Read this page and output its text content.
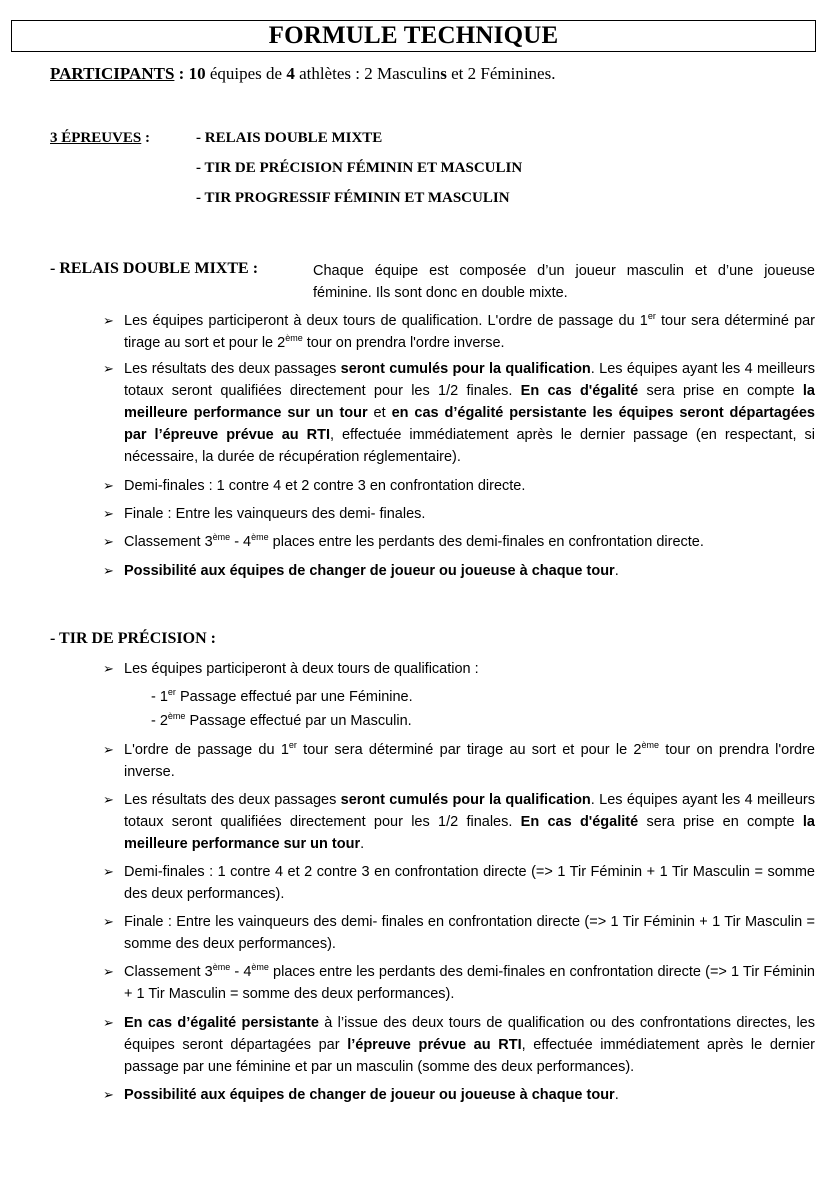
FORMULE TECHNIQUE
PARTICIPANTS : 10 équipes de 4 athlètes : 2 Masculins et 2 Féminines.
3 ÉPREUVES :	- RELAIS DOUBLE MIXTE
- TIR DE PRÉCISION FÉMININ ET MASCULIN
- TIR PROGRESSIF FÉMININ ET MASCULIN
- RELAIS DOUBLE MIXTE :	Chaque équipe est composée d’un joueur masculin et d’une joueuse
féminine. Ils sont donc en double mixte.
➢ Les équipes participeront à deux tours de qualification. L'ordre de passage du 1er tour sera déterminé par tirage au sort et pour le 2ème tour on prendra l'ordre inverse.
➢ Les résultats des deux passages seront cumulés pour la qualification. Les équipes ayant les 4 meilleurs totaux seront qualifiées directement pour les 1/2 finales. En cas d'égalité sera prise en compte la meilleure performance sur un tour et en cas d’égalité persistante les équipes seront départagées par l’épreuve prévue au RTI, effectuée immédiatement après le dernier passage (en respectant, si nécessaire, la durée de récupération réglementaire).
➢ Demi-finales : 1 contre 4 et 2 contre 3 en confrontation directe.
➢ Finale : Entre les vainqueurs des demi- finales.
➢ Classement 3ème - 4ème places entre les perdants des demi-finales en confrontation directe.
➢ Possibilité aux équipes de changer de joueur ou joueuse à chaque tour.
- TIR DE PRÉCISION :
➢ Les équipes participeront à deux tours de qualification :
- 1er Passage effectué par une Féminine.
- 2ème Passage effectué par un Masculin.
➢ L'ordre de passage du 1er tour sera déterminé par tirage au sort et pour le 2ème tour on prendra l'ordre inverse.
➢ Les résultats des deux passages seront cumulés pour la qualification. Les équipes ayant les 4 meilleurs totaux seront qualifiées directement pour les 1/2 finales. En cas d'égalité sera prise en compte la meilleure performance sur un tour.
➢ Demi-finales : 1 contre 4 et 2 contre 3 en confrontation directe (=> 1 Tir Féminin + 1 Tir Masculin = somme des deux performances).
➢ Finale : Entre les vainqueurs des demi- finales en confrontation directe (=> 1 Tir Féminin + 1 Tir Masculin = somme des deux performances).
➢ Classement 3ème - 4ème places entre les perdants des demi-finales en confrontation directe (=> 1 Tir Féminin + 1 Tir Masculin = somme des deux performances).
➢ En cas d’égalité persistante à l’issue des deux tours de qualification ou des confrontations directes, les équipes seront départagées par l’épreuve prévue au RTI, effectuée immédiatement après le dernier passage par une féminine et par un masculin (somme des deux performances).
➢ Possibilité aux équipes de changer de joueur ou joueuse à chaque tour.
